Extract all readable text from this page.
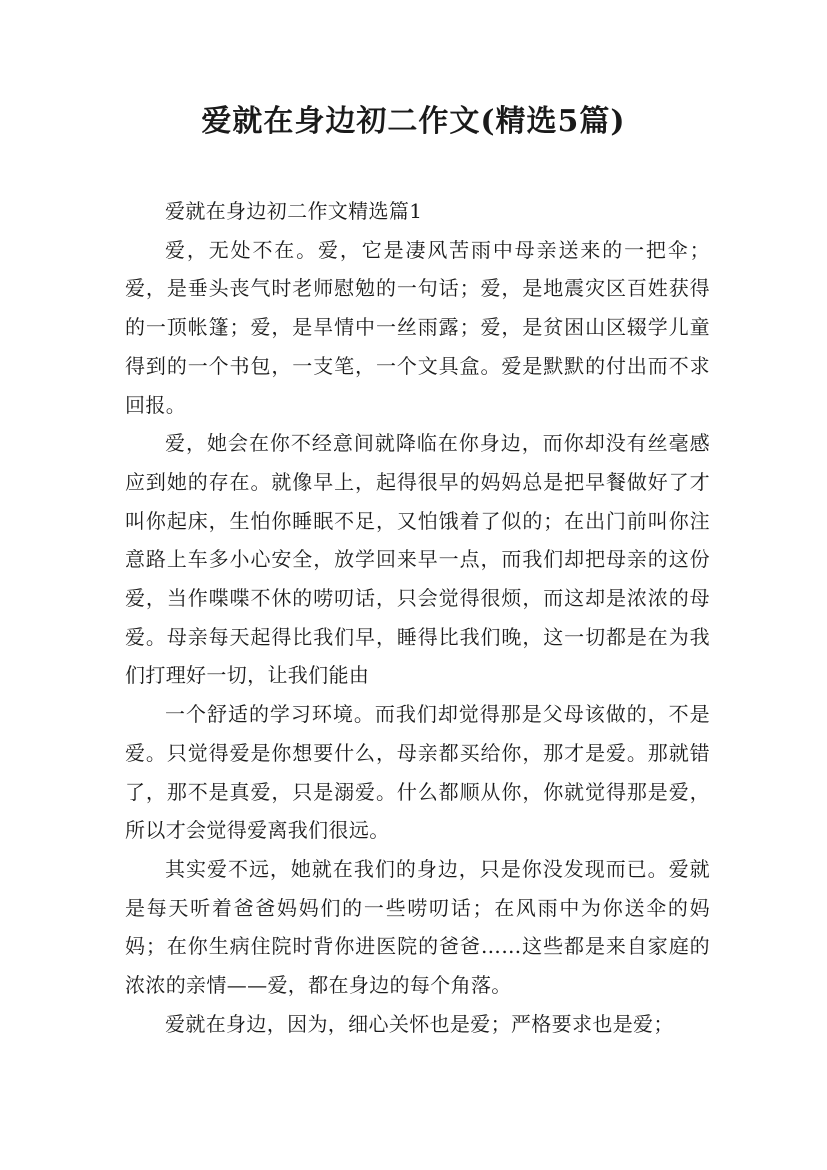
爱就在身边初二作文(精选5篇)

爱就在身边初二作文精选篇1

爱，无处不在。爱，它是凄风苦雨中母亲送来的一把伞；爱，是垂头丧气时老师慰勉的一句话；爱，是地震灾区百姓获得的一顶帐篷；爱，是旱情中一丝雨露；爱，是贫困山区辍学儿童得到的一个书包，一支笔，一个文具盒。爱是默默的付出而不求回报。

爱，她会在你不经意间就降临在你身边，而你却没有丝毫感应到她的存在。就像早上，起得很早的妈妈总是把早餐做好了才叫你起床，生怕你睡眠不足，又怕饿着了似的；在出门前叫你注意路上车多小心安全，放学回来早一点，而我们却把母亲的这份爱，当作喋喋不休的唠叨话，只会觉得很烦，而这却是浓浓的母爱。母亲每天起得比我们早，睡得比我们晚，这一切都是在为我们打理好一切，让我们能由

一个舒适的学习环境。而我们却觉得那是父母该做的，不是爱。只觉得爱是你想要什么，母亲都买给你，那才是爱。那就错了，那不是真爱，只是溺爱。什么都顺从你，你就觉得那是爱，所以才会觉得爱离我们很远。

其实爱不远，她就在我们的身边，只是你没发现而已。爱就是每天听着爸爸妈妈们的一些唠叨话；在风雨中为你送伞的妈妈；在你生病住院时背你进医院的爸爸……这些都是来自家庭的浓浓的亲情——爱，都在身边的每个角落。

爱就在身边，因为，细心关怀也是爱；严格要求也是爱；
